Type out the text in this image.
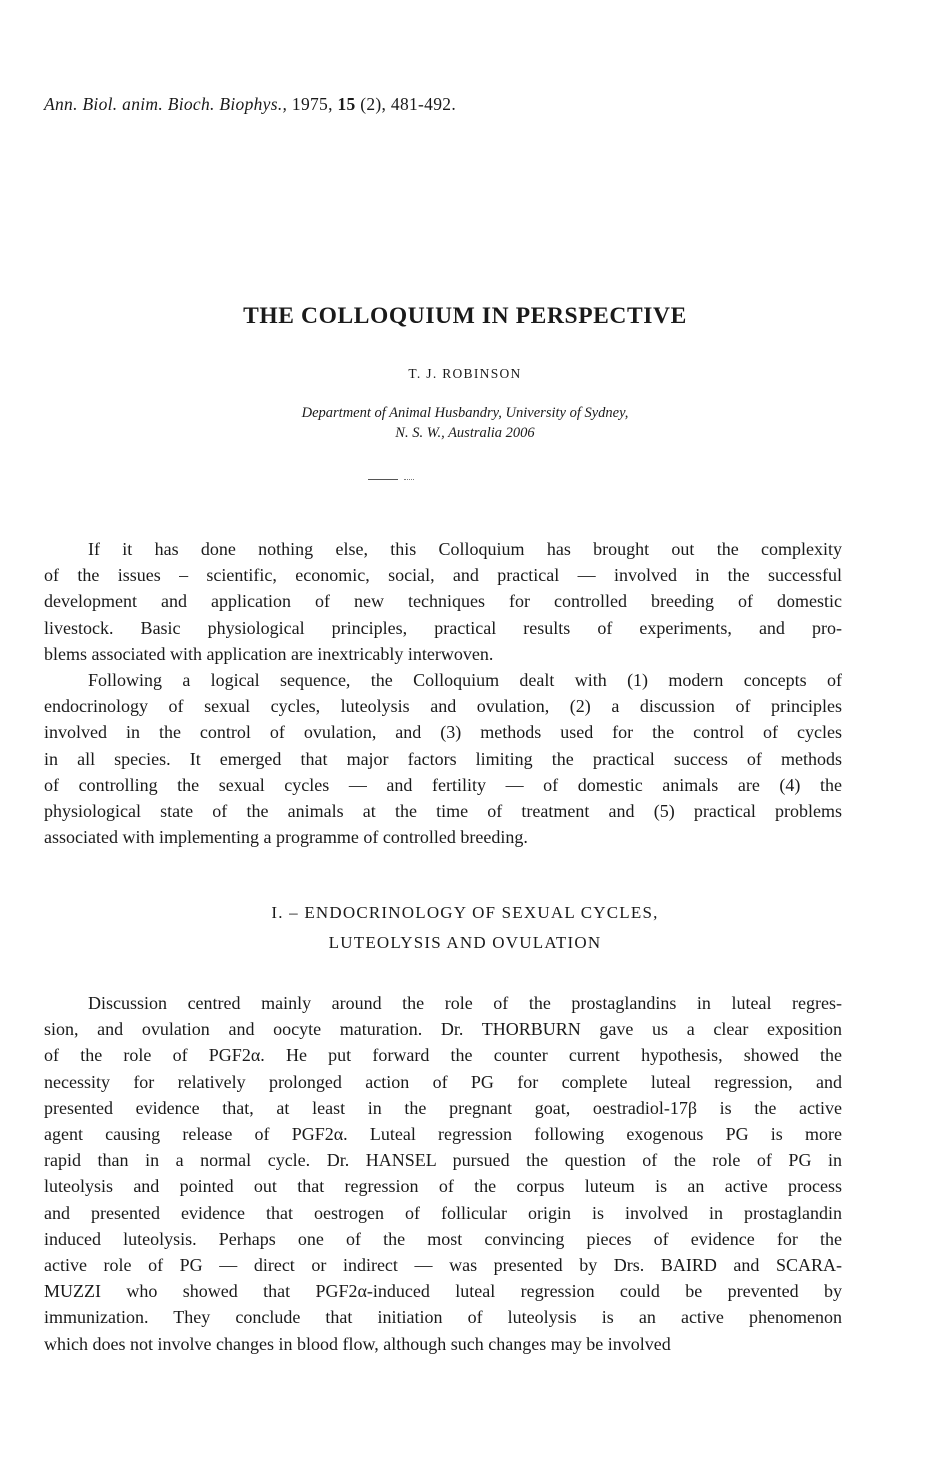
Ann. Biol. anim. Bioch. Biophys., 1975, 15 (2), 481-492.
THE COLLOQUIUM IN PERSPECTIVE
T. J. ROBINSON
Department of Animal Husbandry, University of Sydney,
N. S. W., Australia 2006
If it has done nothing else, this Colloquium has brought out the complexity
of the issues – scientific, economic, social, and practical — involved in the successful
development and application of new techniques for controlled breeding of domestic
livestock. Basic physiological principles, practical results of experiments, and pro-
blems associated with application are inextricably interwoven.
Following a logical sequence, the Colloquium dealt with (1) modern concepts of
endocrinology of sexual cycles, luteolysis and ovulation, (2) a discussion of principles
involved in the control of ovulation, and (3) methods used for the control of cycles
in all species. It emerged that major factors limiting the practical success of methods
of controlling the sexual cycles — and fertility — of domestic animals are (4) the
physiological state of the animals at the time of treatment and (5) practical problems
associated with implementing a programme of controlled breeding.
I. – ENDOCRINOLOGY OF SEXUAL CYCLES,
LUTEOLYSIS AND OVULATION
Discussion centred mainly around the role of the prostaglandins in luteal regres-
sion, and ovulation and oocyte maturation. Dr. THORBURN gave us a clear exposition
of the role of PGF2α. He put forward the counter current hypothesis, showed the
necessity for relatively prolonged action of PG for complete luteal regression, and
presented evidence that, at least in the pregnant goat, oestradiol-17β is the active
agent causing release of PGF2α. Luteal regression following exogenous PG is more
rapid than in a normal cycle. Dr. HANSEL pursued the question of the role of PG in
luteolysis and pointed out that regression of the corpus luteum is an active process
and presented evidence that oestrogen of follicular origin is involved in prostaglandin
induced luteolysis. Perhaps one of the most convincing pieces of evidence for the
active role of PG — direct or indirect — was presented by Drs. BAIRD and SCARA-
MUZZI who showed that PGF2α-induced luteal regression could be prevented by
immunization. They conclude that initiation of luteolysis is an active phenomenon
which does not involve changes in blood flow, although such changes may be involved
